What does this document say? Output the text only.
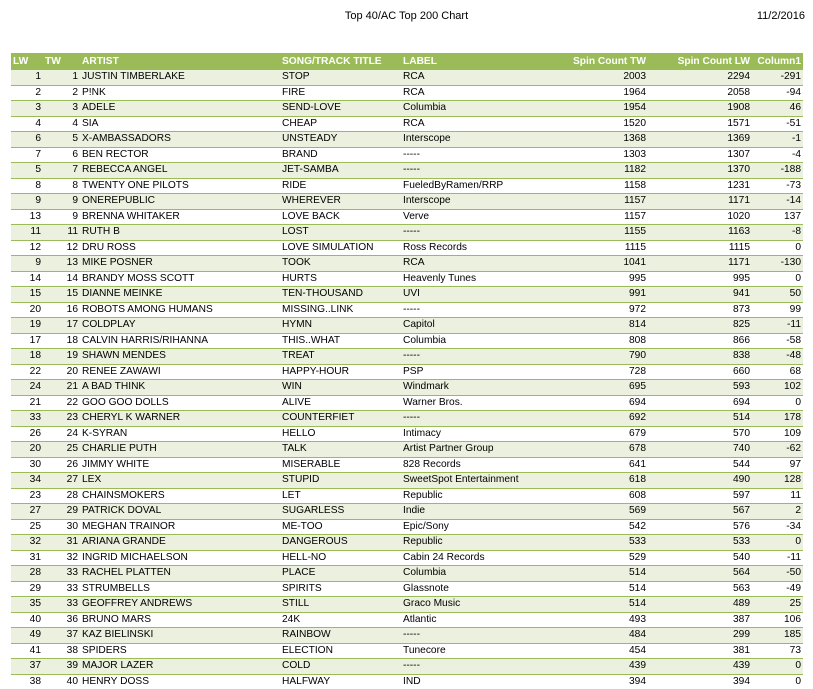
Top 40/AC Top 200 Chart	11/2/2016
LW	TW	ARTIST	SONG/TRACK TITLE	LABEL	Spin Count TW	Spin Count LW	Column1
1	1	JUSTIN TIMBERLAKE	STOP	RCA	2003	2294	-291
2	2	P!NK	FIRE	RCA	1964	2058	-94
3	3	ADELE	SEND-LOVE	Columbia	1954	1908	46
4	4	SIA	CHEAP	RCA	1520	1571	-51
6	5	X-AMBASSADORS	UNSTEADY	Interscope	1368	1369	-1
7	6	BEN RECTOR	BRAND	-----	1303	1307	-4
5	7	REBECCA ANGEL	JET-SAMBA	-----	1182	1370	-188
8	8	TWENTY ONE PILOTS	RIDE	FueledByRamen/RRP	1158	1231	-73
9	9	ONEREPUBLIC	WHEREVER	Interscope	1157	1171	-14
13	9	BRENNA WHITAKER	LOVE BACK	Verve	1157	1020	137
11	11	RUTH B	LOST	-----	1155	1163	-8
12	12	DRU ROSS	LOVE SIMULATION	Ross Records	1115	1115	0
9	13	MIKE POSNER	TOOK	RCA	1041	1171	-130
14	14	BRANDY MOSS SCOTT	HURTS	Heavenly Tunes	995	995	0
15	15	DIANNE MEINKE	TEN-THOUSAND	UVI	991	941	50
20	16	ROBOTS AMONG HUMANS	MISSING..LINK	-----	972	873	99
19	17	COLDPLAY	HYMN	Capitol	814	825	-11
17	18	CALVIN HARRIS/RIHANNA	THIS..WHAT	Columbia	808	866	-58
18	19	SHAWN MENDES	TREAT	-----	790	838	-48
22	20	RENEE ZAWAWI	HAPPY-HOUR	PSP	728	660	68
24	21	A BAD THINK	WIN	Windmark	695	593	102
21	22	GOO GOO DOLLS	ALIVE	Warner Bros.	694	694	0
33	23	CHERYL K WARNER	COUNTERFIET	-----	692	514	178
26	24	K-SYRAN	HELLO	Intimacy	679	570	109
20	25	CHARLIE PUTH	TALK	Artist Partner Group	678	740	-62
30	26	JIMMY WHITE	MISERABLE	828 Records	641	544	97
34	27	LEX	STUPID	SweetSpot Entertainment	618	490	128
23	28	CHAINSMOKERS	LET	Republic	608	597	11
27	29	PATRICK DOVAL	SUGARLESS	Indie	569	567	2
25	30	MEGHAN TRAINOR	ME-TOO	Epic/Sony	542	576	-34
32	31	ARIANA GRANDE	DANGEROUS	Republic	533	533	0
31	32	INGRID MICHAELSON	HELL-NO	Cabin 24 Records	529	540	-11
28	33	RACHEL PLATTEN	PLACE	Columbia	514	564	-50
29	33	STRUMBELLS	SPIRITS	Glassnote	514	563	-49
35	33	GEOFFREY ANDREWS	STILL	Graco Music	514	489	25
40	36	BRUNO MARS	24K	Atlantic	493	387	106
49	37	KAZ BIELINSKI	RAINBOW	-----	484	299	185
41	38	SPIDERS	ELECTION	Tunecore	454	381	73
37	39	MAJOR LAZER	COLD	-----	439	439	0
38	40	HENRY DOSS	HALFWAY	IND	394	394	0
